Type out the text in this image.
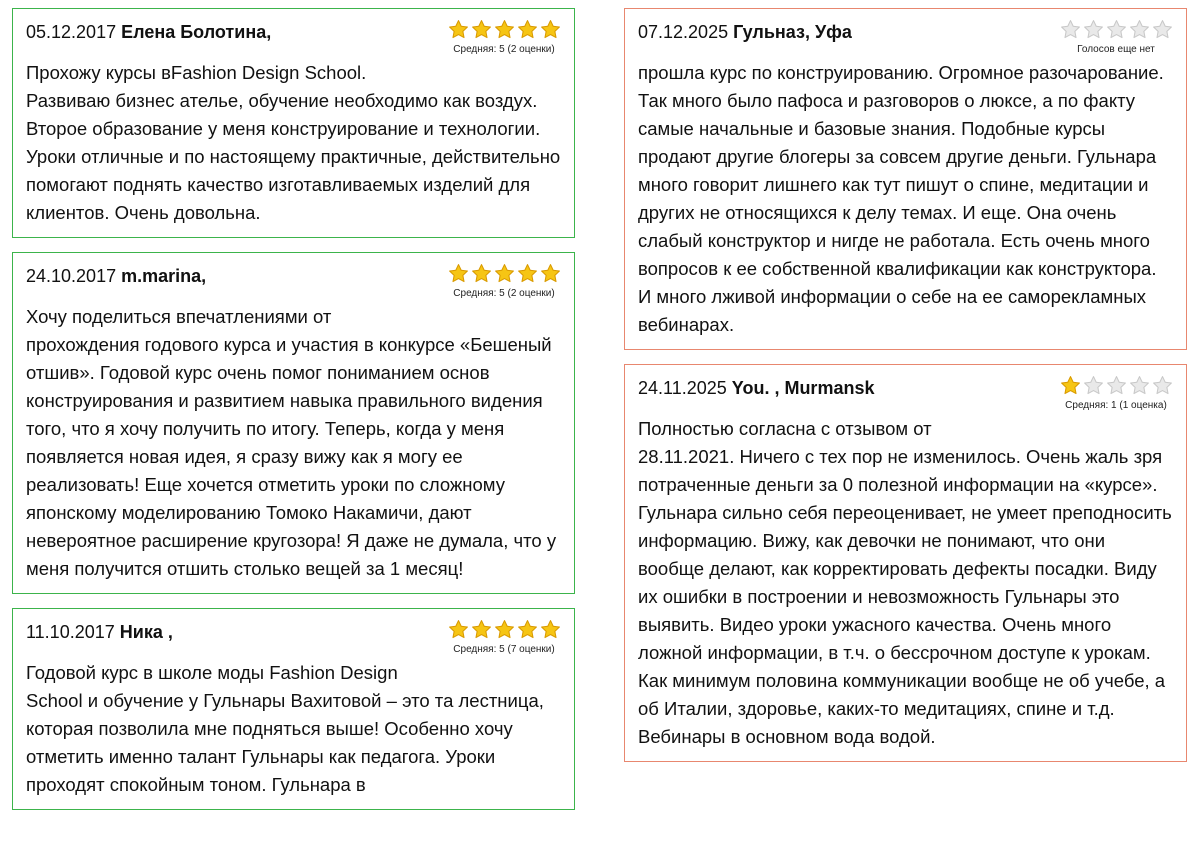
05.12.2017 Елена Болотина,
Средняя: 5 (2 оценки)
Прохожу курсы вFashion Design School.
Развиваю бизнес ателье, обучение необходимо как воздух. Второе образование у меня конструирование и технологии. Уроки отличные и по настоящему практичные, действительно помогают поднять качество изготавливаемых изделий для клиентов. Очень довольна.
24.10.2017 m.marina,
Средняя: 5 (2 оценки)
Хочу поделиться впечатлениями от
прохождения годового курса и участия в конкурсе «Бешеный отшив». Годовой курс очень помог пониманием основ конструирования и развитием навыка правильного видения того, что я хочу получить по итогу. Теперь, когда у меня появляется новая идея, я сразу вижу как я могу ее реализовать! Еще хочется отметить уроки по сложному японскому моделированию Томоко Накамичи, дают невероятное расширение кругозора! Я даже не думала, что у меня получится отшить столько вещей за 1 месяц!
11.10.2017 Ника ,
Средняя: 5 (7 оценки)
Годовой курс в школе моды Fashion Design
School и обучение у Гульнары Вахитовой – это та лестница, которая позволила мне подняться выше! Особенно хочу отметить именно талант Гульнары как педагога. Уроки проходят спокойным тоном. Гульнара в
07.12.2025 Гульназ, Уфа
Голосов еще нет
прошла курс по конструированию. Огромное разочарование. Так много было пафоса и разговоров о люксе, а по факту самые начальные и базовые знания. Подобные курсы продают другие блогеры за совсем другие деньги. Гульнара много говорит лишнего как тут пишут о спине, медитации и других не относящихся к делу темах. И еще. Она очень слабый конструктор и нигде не работала. Есть очень много вопросов к ее собственной квалификации как конструктора. И много лживой информации о себе на ее саморекламных вебинарах.
24.11.2025 You. , Murmansk
Средняя: 1 (1 оценка)
Полностью согласна с отзывом от
28.11.2021. Ничего с тех пор не изменилось. Очень жаль зря потраченные деньги за 0 полезной информации на «курсе».
Гульнара сильно себя переоценивает, не умеет преподносить информацию. Вижу, как девочки не понимают, что они вообще делают, как корректировать дефекты посадки. Виду их ошибки в построении и невозможность Гульнары это выявить. Видео уроки ужасного качества. Очень много ложной информации, в т.ч. о бессрочном доступе к урокам. Как минимум половина коммуникации вообще не об учебе, а об Италии, здоровье, каких-то медитациях, спине и т.д. Вебинары в основном вода водой.
